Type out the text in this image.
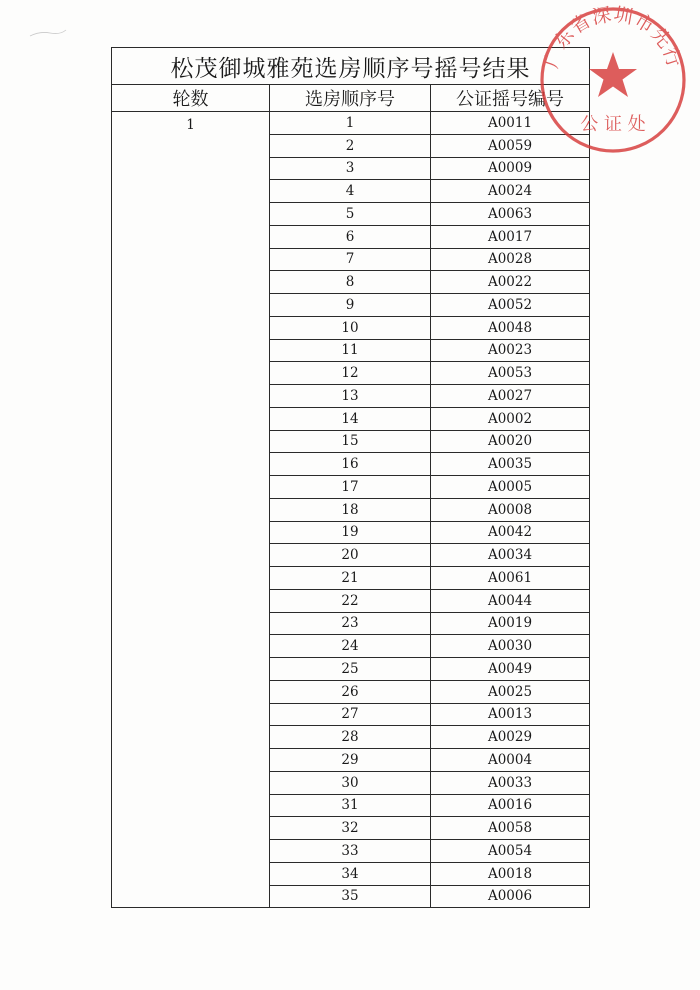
松茂御城雅苑选房顺序号摇号结果		
轮数	选房顺序号	公证摇号编号
1	1	A0011
	2	A0059
	3	A0009
	4	A0024
	5	A0063
	6	A0017
	7	A0028
	8	A0022
	9	A0052
	10	A0048
	11	A0023
	12	A0053
	13	A0027
	14	A0002
	15	A0020
	16	A0035
	17	A0005
	18	A0008
	19	A0042
	20	A0034
	21	A0061
	22	A0044
	23	A0019
	24	A0030
	25	A0049
	26	A0025
	27	A0013
	28	A0029
	29	A0004
	30	A0033
	31	A0016
	32	A0058
	33	A0054
	34	A0018
	35	A0006
广东省深圳市先行
公 证 处
